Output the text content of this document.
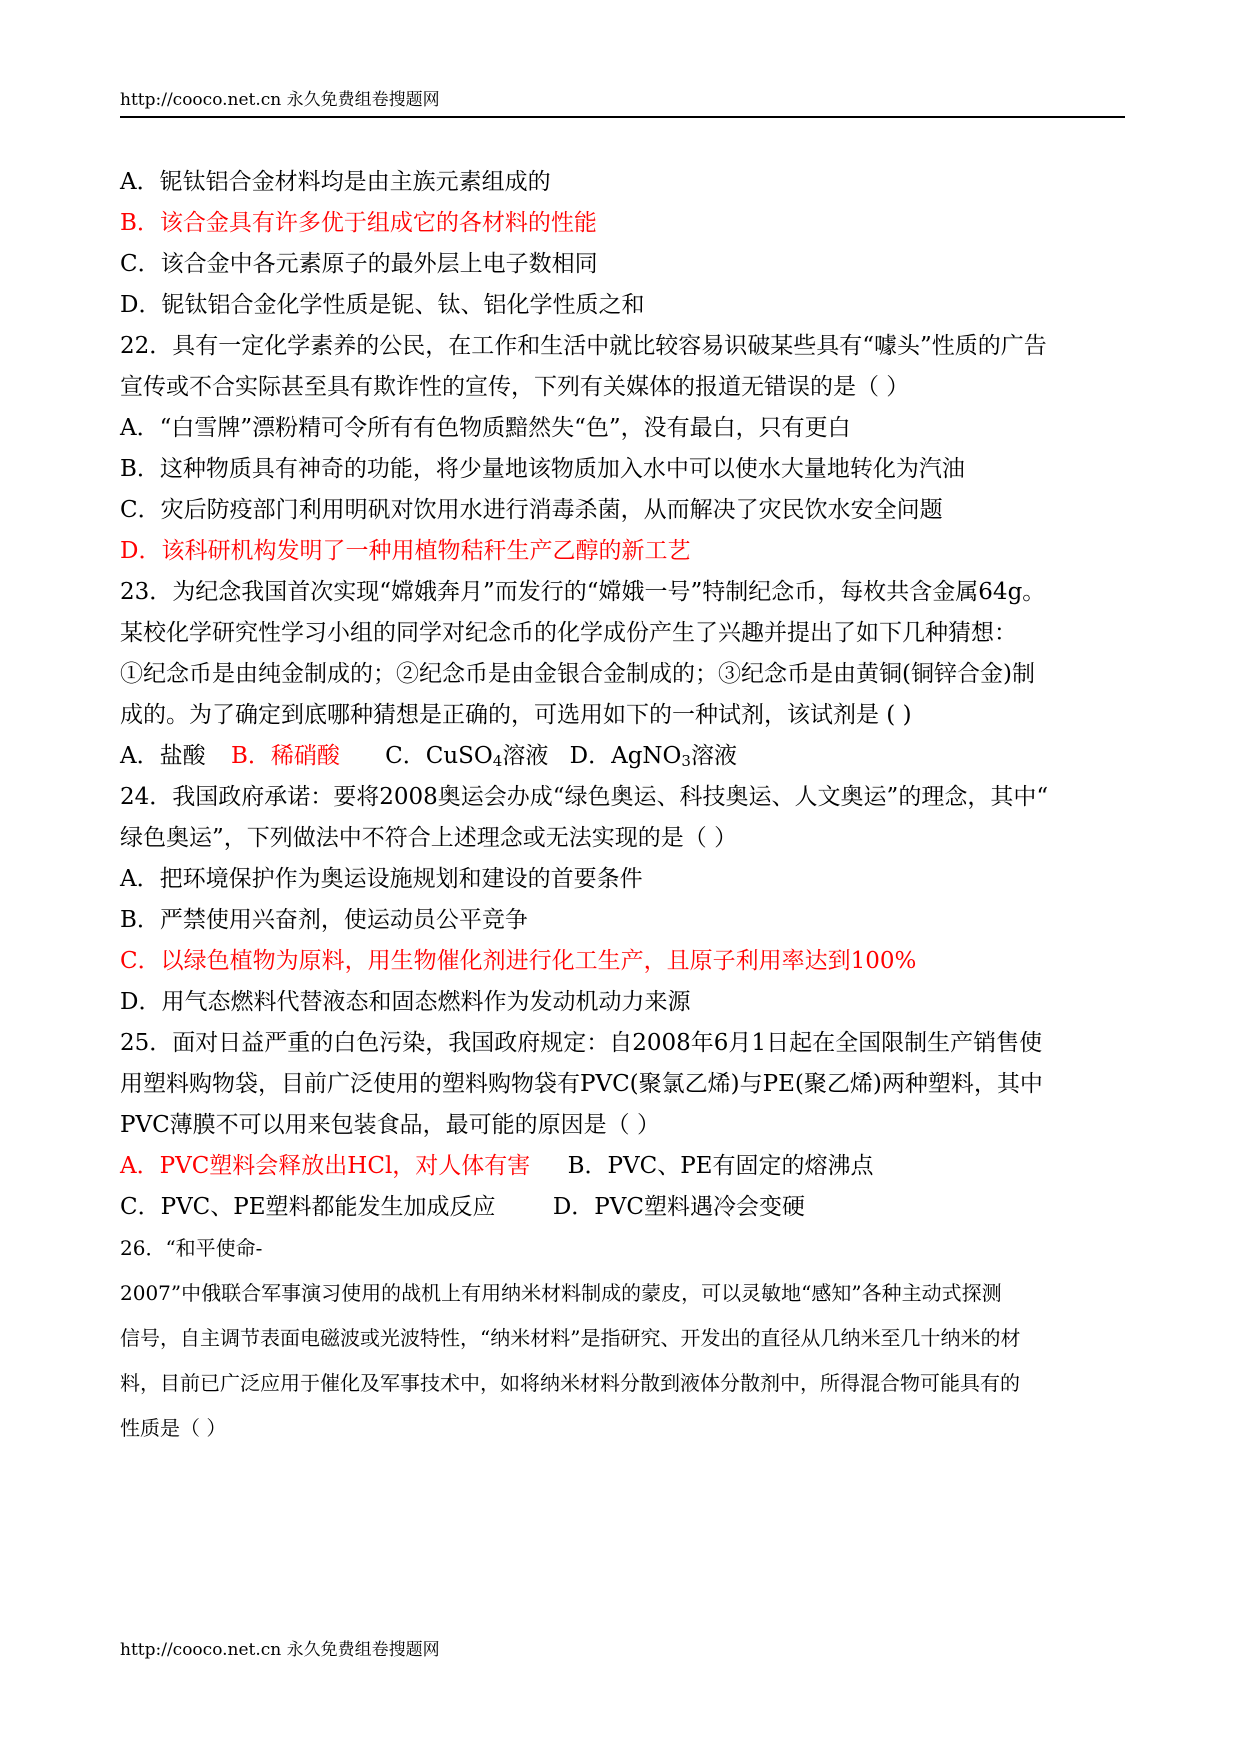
http://cooco.net.cn 永久免费组卷搜题网
A．铌钛铝合金材料均是由主族元素组成的
B．该合金具有许多优于组成它的各材料的性能
C．该合金中各元素原子的最外层上电子数相同
D．铌钛铝合金化学性质是铌、钛、铝化学性质之和
22．具有一定化学素养的公民，在工作和生活中就比较容易识破某些具有“噱头”性质的广告
宣传或不合实际甚至具有欺诈性的宣传，下列有关媒体的报道无错误的是（ ）
A．“白雪牌”漂粉精可令所有有色物质黯然失“色”，没有最白，只有更白
B．这种物质具有神奇的功能，将少量地该物质加入水中可以使水大量地转化为汽油
C．灾后防疫部门利用明矾对饮用水进行消毒杀菌，从而解决了灾民饮水安全问题
D．该科研机构发明了一种用植物秸秆生产乙醇的新工艺
23．为纪念我国首次实现“嫦娥奔月”而发行的“嫦娥一号”特制纪念币，每枚共含金属64g。
某校化学研究性学习小组的同学对纪念币的化学成份产生了兴趣并提出了如下几种猜想：
①纪念币是由纯金制成的；②纪念币是由金银合金制成的；③纪念币是由黄铜(铜锌合金)制
成的。为了确定到底哪种猜想是正确的，可选用如下的一种试剂，该试剂是 ( )
A．盐酸 B．稀硝酸 C．CuSO$_4$溶液 D．AgNO$_3$溶液
24．我国政府承诺：要将2008奥运会办成“绿色奥运、科技奥运、人文奥运”的理念，其中“
绿色奥运”，下列做法中不符合上述理念或无法实现的是（ ）
A．把环境保护作为奥运设施规划和建设的首要条件
B．严禁使用兴奋剂，使运动员公平竞争
C．以绿色植物为原料，用生物催化剂进行化工生产，且原子利用率达到100%
D．用气态燃料代替液态和固态燃料作为发动机动力来源
25．面对日益严重的白色污染，我国政府规定：自2008年6月1日起在全国限制生产销售使
用塑料购物袋，目前广泛使用的塑料购物袋有PVC(聚氯乙烯)与PE(聚乙烯)两种塑料，其中
PVC薄膜不可以用来包装食品，最可能的原因是（ ）
A．PVC塑料会释放出HCl，对人体有害 B．PVC、PE有固定的熔沸点
C．PVC、PE塑料都能发生加成反应 D．PVC塑料遇冷会变硬
26．“和平使命-
2007”中俄联合军事演习使用的战机上有用纳米材料制成的蒙皮，可以灵敏地“感知”各种主动式探测
信号，自主调节表面电磁波或光波特性，“纳米材料”是指研究、开发出的直径从几纳米至几十纳米的材
料，目前已广泛应用于催化及军事技术中，如将纳米材料分散到液体分散剂中，所得混合物可能具有的
性质是（ ）
http://cooco.net.cn 永久免费组卷搜题网
